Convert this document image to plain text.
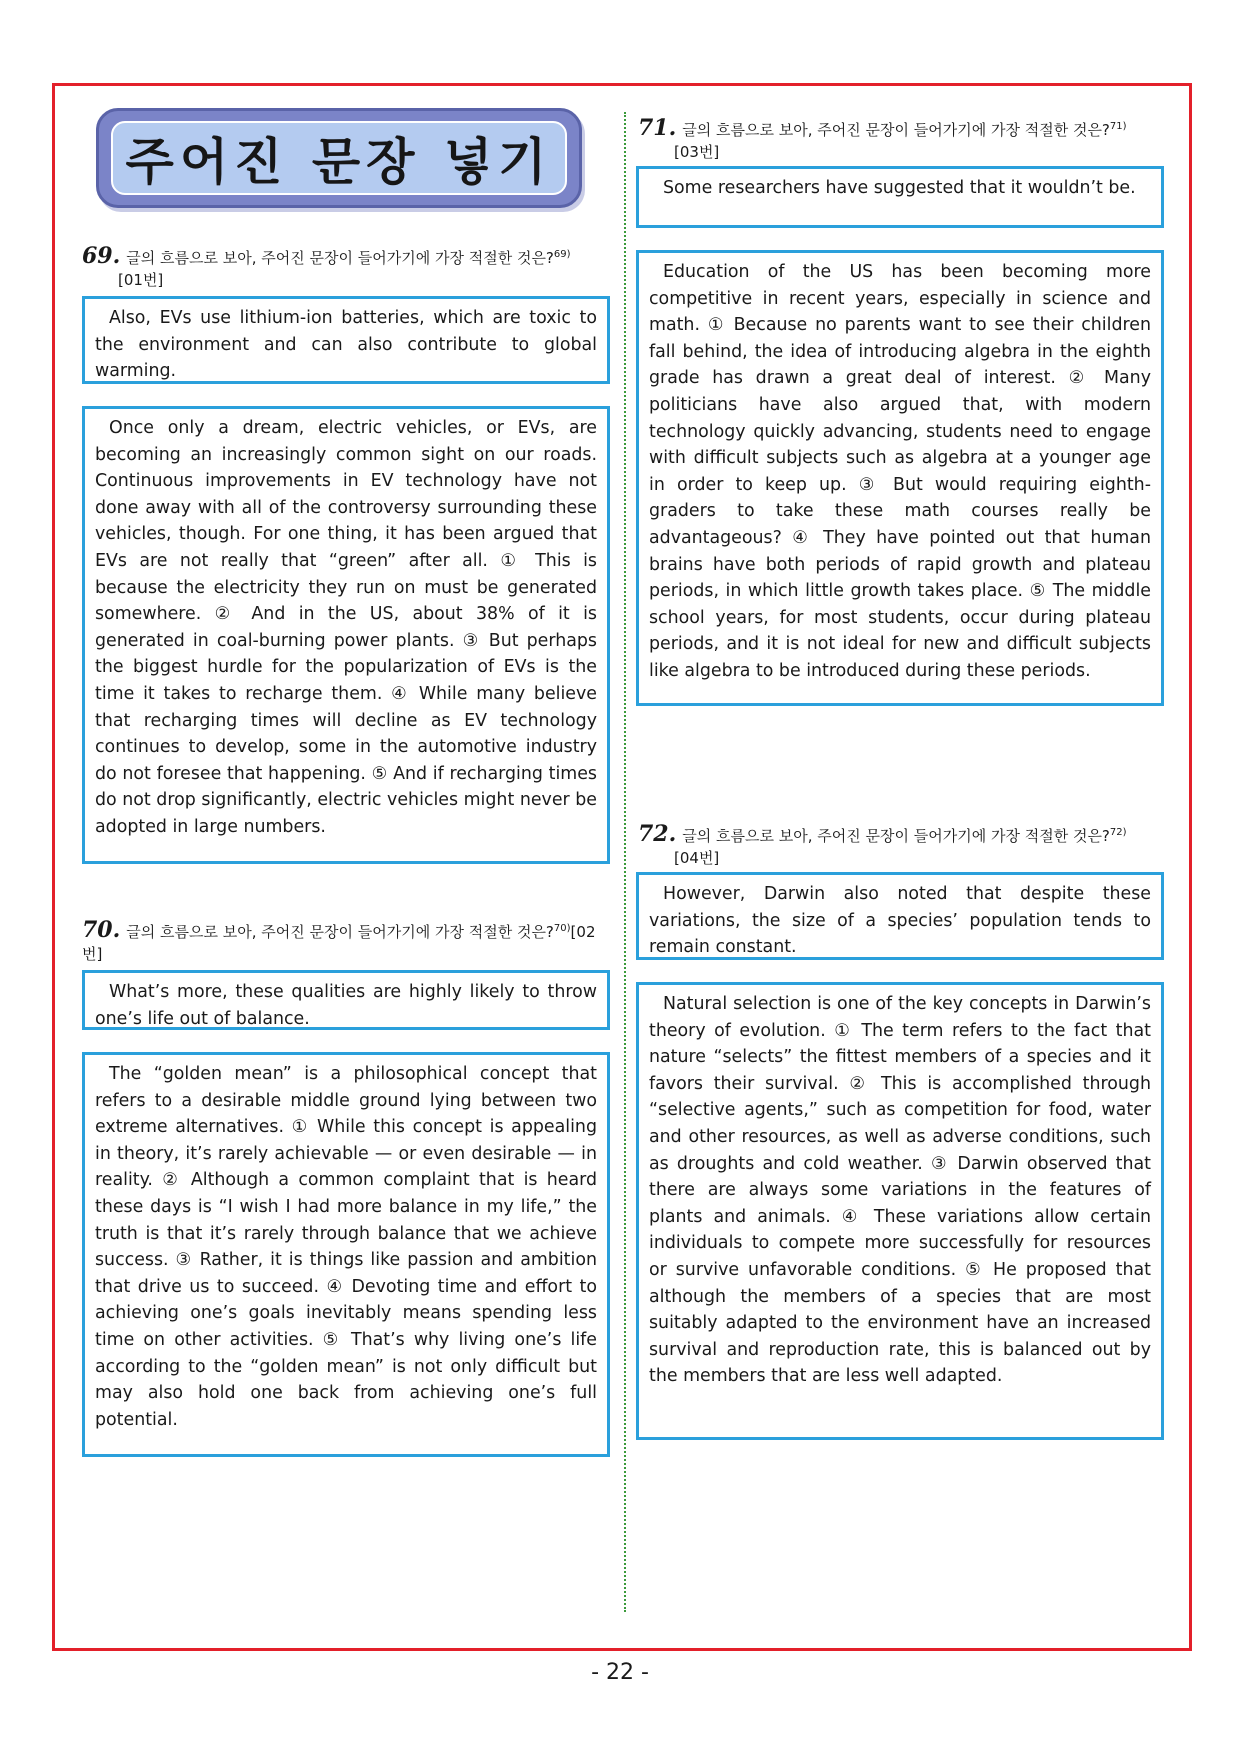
주어진 문장 넣기
69. 글의 흐름으로 보아, 주어진 문장이 들어가기에 가장 적절한 것은?$^{69)}$
[01번]
Also, EVs use lithium-ion batteries, which are toxic to the environment and can also contribute to global warming.
Once only a dream, electric vehicles, or EVs, are becoming an increasingly common sight on our roads. Continuous improvements in EV technology have not done away with all of the controversy surrounding these vehicles, though. For one thing, it has been argued that EVs are not really that “green” after all. ① This is because the electricity they run on must be generated somewhere. ② And in the US, about 38% of it is generated in coal-burning power plants. ③ But perhaps the biggest hurdle for the popularization of EVs is the time it takes to recharge them. ④ While many believe that recharging times will decline as EV technology continues to develop, some in the automotive industry do not foresee that happening. ⑤ And if recharging times do not drop significantly, electric vehicles might never be adopted in large numbers.
70. 글의 흐름으로 보아, 주어진 문장이 들어가기에 가장 적절한 것은?$^{70)}$[02번]
What’s more, these qualities are highly likely to throw one’s life out of balance.
The “golden mean” is a philosophical concept that refers to a desirable middle ground lying between two extreme alternatives. ① While this concept is appealing in theory, it’s rarely achievable — or even desirable — in reality. ② Although a common complaint that is heard these days is “I wish I had more balance in my life,” the truth is that it’s rarely through balance that we achieve success. ③ Rather, it is things like passion and ambition that drive us to succeed. ④ Devoting time and effort to achieving one’s goals inevitably means spending less time on other activities. ⑤ That’s why living one’s life according to the “golden mean” is not only difficult but may also hold one back from achieving one’s full potential.
71. 글의 흐름으로 보아, 주어진 문장이 들어가기에 가장 적절한 것은?$^{71)}$
[03번]
Some researchers have suggested that it wouldn’t be.
Education of the US has been becoming more competitive in recent years, especially in science and math. ① Because no parents want to see their children fall behind, the idea of introducing algebra in the eighth grade has drawn a great deal of interest. ② Many politicians have also argued that, with modern technology quickly advancing, students need to engage with difficult subjects such as algebra at a younger age in order to keep up. ③ But would requiring eighth-graders to take these math courses really be advantageous? ④ They have pointed out that human brains have both periods of rapid growth and plateau periods, in which little growth takes place. ⑤ The middle school years, for most students, occur during plateau periods, and it is not ideal for new and difficult subjects like algebra to be introduced during these periods.
72. 글의 흐름으로 보아, 주어진 문장이 들어가기에 가장 적절한 것은?$^{72)}$
[04번]
However, Darwin also noted that despite these variations, the size of a species’ population tends to remain constant.
Natural selection is one of the key concepts in Darwin’s theory of evolution. ① The term refers to the fact that nature “selects” the fittest members of a species and it favors their survival. ② This is accomplished through “selective agents,” such as competition for food, water and other resources, as well as adverse conditions, such as droughts and cold weather. ③ Darwin observed that there are always some variations in the features of plants and animals. ④ These variations allow certain individuals to compete more successfully for resources or survive unfavorable conditions. ⑤ He proposed that although the members of a species that are most suitably adapted to the environment have an increased survival and reproduction rate, this is balanced out by the members that are less well adapted.
- 22 -
